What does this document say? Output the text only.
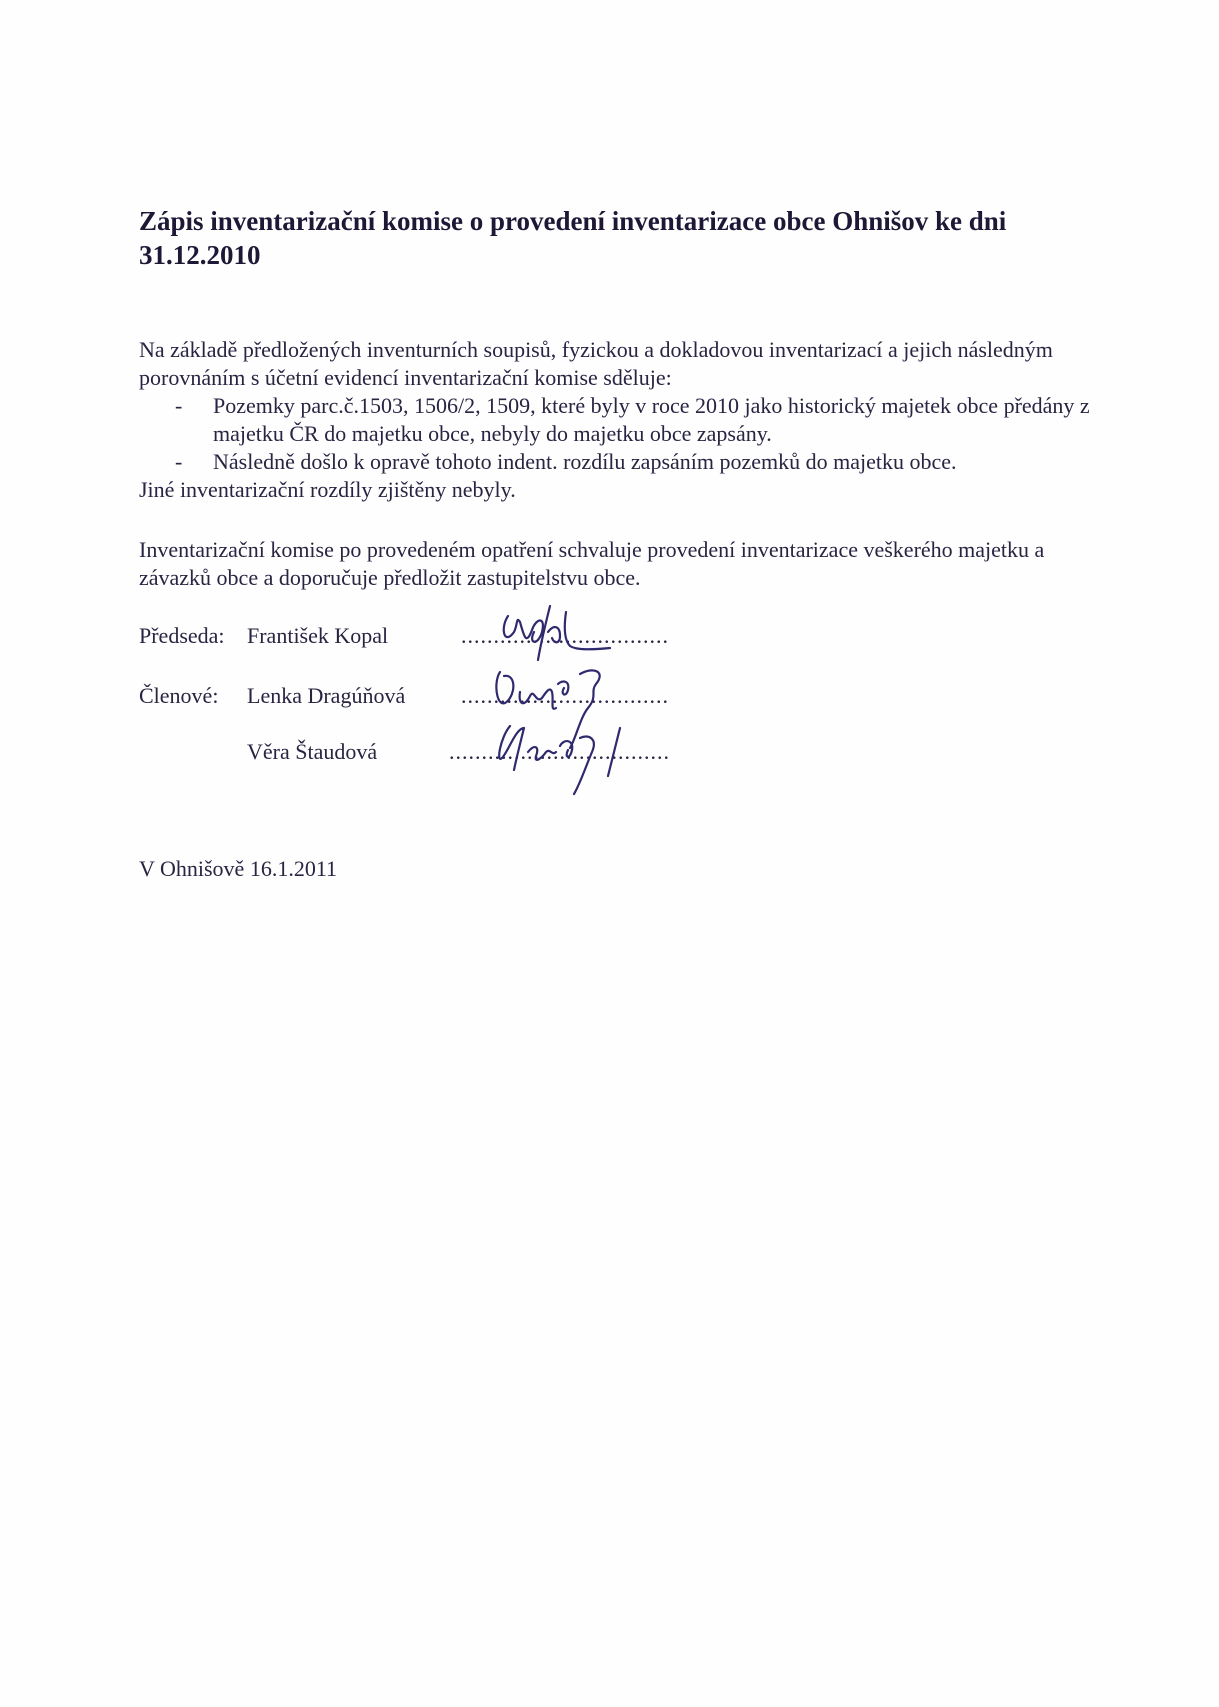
Zápis inventarizační komise o provedení inventarizace obce Ohnišov ke dni 31.12.2010

Na základě předložených inventurních soupisů, fyzickou a dokladovou inventarizací a jejich následným porovnáním s účetní evidencí inventarizační komise sděluje:

- Pozemky parc.č.1503, 1506/2, 1509, které byly v roce 2010 jako historický majetek obce předány z majetku ČR do majetku obce, nebyly do majetku obce zapsány.
- Následně došlo k opravě tohoto indent. rozdílu zapsáním pozemků do majetku obce.

Jiné inventarizační rozdíly zjištěny nebyly.

Inventarizační komise po provedeném opatření schvaluje provedení inventarizace veškerého majetku a závazků obce a doporučuje předložit zastupitelstvu obce.

Předseda: František Kopal	................................
Členové: Lenka Dragúňová	................................
Věra Štaudová	..................................

V Ohnišově 16.1.2011
